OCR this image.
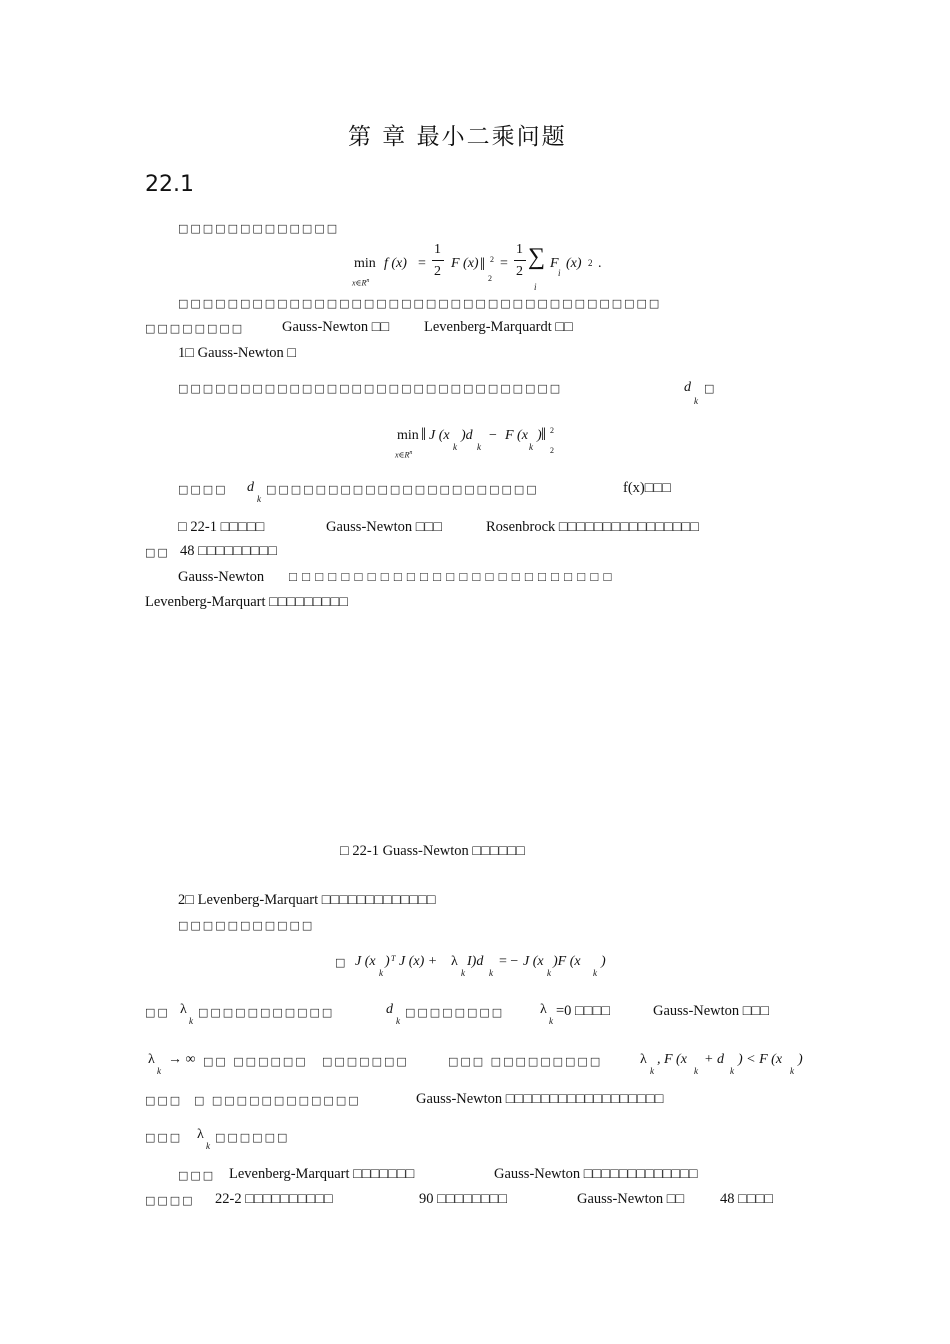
第 章 最小二乘问题
22.1
□□□□□□□□□□□□□
min
$x\in R^n$
f (x) =
1
2
F (x) ‖ 2
2
=
1
2
∑
i
F
i
(x) 2 .
□□□□□□□□□□□□□□□□□□□□□□□□□□□□□□□□□□□□□□□
□□□□□□□□	Gauss-Newton □□ Levenberg-Marquardt □□
1□ Gauss-Newton □
□□□□□□□□□□□□□□□□□□□□□□□□□□□□□□□	d
k
□
min ‖ J (x
k
)d
k
− F (x
k
) ‖ 2
2
$x\in R^n$
□□□□ d
k
□□□□□□□□□□□□□□□□□□□□□□	f(x)□□□
□ 22-1 □□□□□	Gauss-Newton □□□	Rosenbrock □□□□□□□□□□□□□□□□
□□ 48 □□□□□□□□□
Gauss-Newton □ □ □ □ □ □ □ □ □ □ □ □ □ □ □ □ □ □ □ □ □ □ □ □ □
Levenberg-Marquart □□□□□□□□□
□ 22-1 Guass-Newton □□□□□□
2□ Levenberg-Marquart □□□□□□□□□□□□□
□□□□□□□□□□□
□ J (x
k
) T J (x) + λ
k
I)d
k
= − J (x
k
)F (x
k
)
□□ λ
k
□□□□□□□□□□□	d
k
□□□□□□□□	λ
k
=0 □□□□	Gauss-Newton □□□
λ
k
→ ∞ □□ □□□□□□ □□□□□□□	□□□ □□□□□□□□□	λ
k
, F (x
k
+ d
k
) < F (x
k
)
□□□ □ □□□□□□□□□□□□	Gauss-Newton □□□□□□□□□□□□□□□□□□
□□□ λ
k
□□□□□□
□□□ Levenberg-Marquart □□□□□□□	Gauss-Newton □□□□□□□□□□□□□
□□□□ 22-2 □□□□□□□□□□	90 □□□□□□□□	Gauss-Newton □□ 48 □□□□
